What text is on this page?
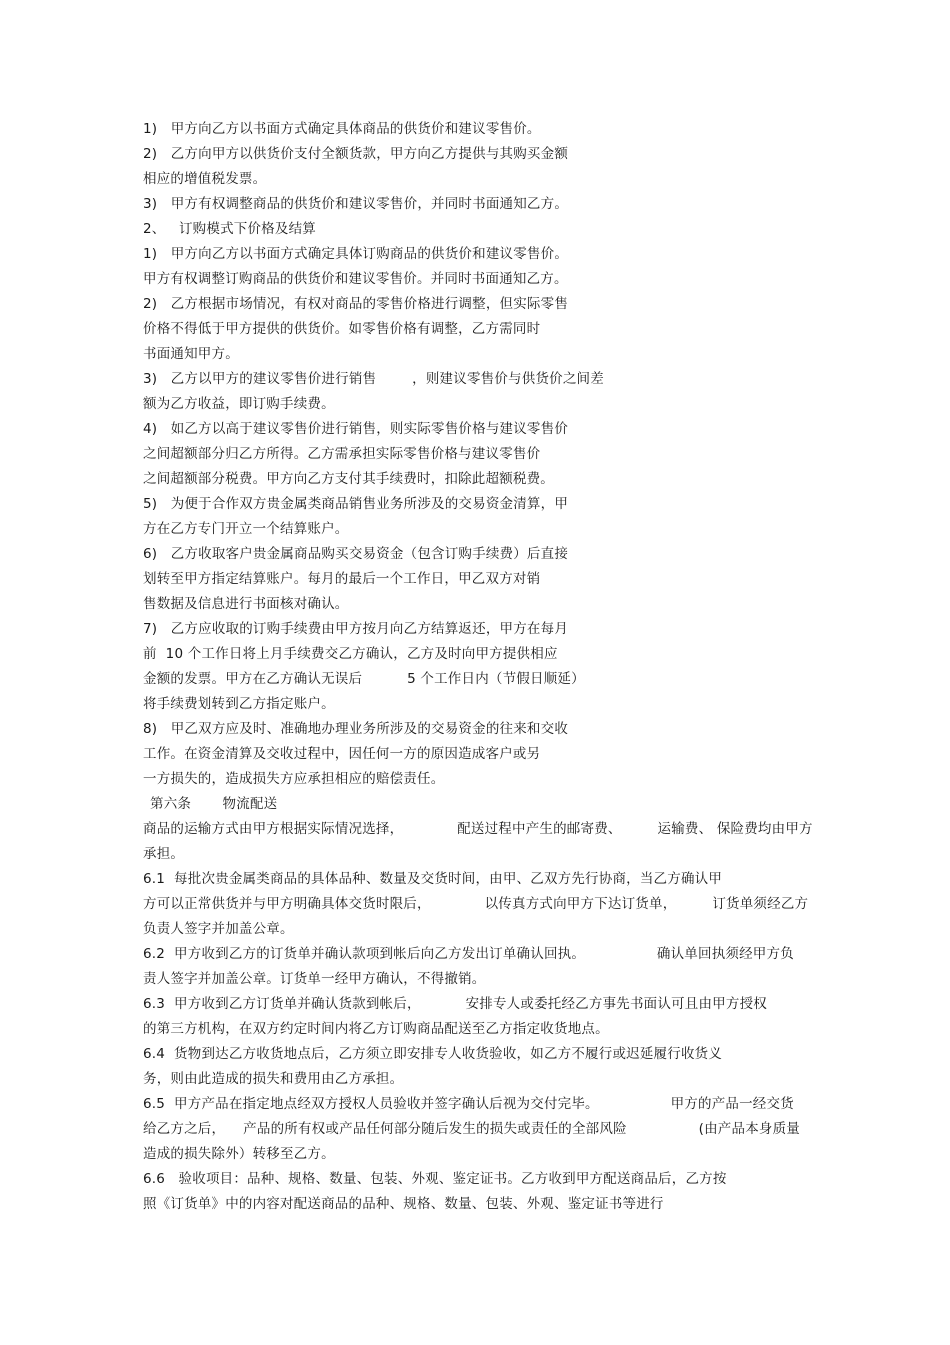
1)   甲方向乙方以书面方式确定具体商品的供货价和建议零售价。
2)   乙方向甲方以供货价支付全额货款，甲方向乙方提供与其购买金额
相应的增值税发票。
3)   甲方有权调整商品的供货价和建议零售价，并同时书面通知乙方。
2、   订购模式下价格及结算
1)   甲方向乙方以书面方式确定具体订购商品的供货价和建议零售价。
甲方有权调整订购商品的供货价和建议零售价。并同时书面通知乙方。
2)   乙方根据市场情况，有权对商品的零售价格进行调整，但实际零售
价格不得低于甲方提供的供货价。如零售价格有调整，乙方需同时
书面通知甲方。
3)   乙方以甲方的建议零售价进行销售        ，则建议零售价与供货价之间差
额为乙方收益，即订购手续费。
4)   如乙方以高于建议零售价进行销售，则实际零售价格与建议零售价
之间超额部分归乙方所得。乙方需承担实际零售价格与建议零售价
之间超额部分税费。甲方向乙方支付其手续费时，扣除此超额税费。
5)   为便于合作双方贵金属类商品销售业务所涉及的交易资金清算，甲
方在乙方专门开立一个结算账户。
6)   乙方收取客户贵金属商品购买交易资金（包含订购手续费）后直接
划转至甲方指定结算账户。每月的最后一个工作日，甲乙双方对销
售数据及信息进行书面核对确认。
7)   乙方应收取的订购手续费由甲方按月向乙方结算返还，甲方在每月
前  10 个工作日将上月手续费交乙方确认，乙方及时向甲方提供相应
金额的发票。甲方在乙方确认无误后          5 个工作日内（节假日顺延）
将手续费划转到乙方指定账户。
8)   甲乙双方应及时、准确地办理业务所涉及的交易资金的往来和交收
工作。在资金清算及交收过程中，因任何一方的原因造成客户或另
一方损失的，造成损失方应承担相应的赔偿责任。
第六条       物流配送
商品的运输方式由甲方根据实际情况选择，            配送过程中产生的邮寄费、        运输费、 保险费均由甲方
承担。
6.1  每批次贵金属类商品的具体品种、数量及交货时间，由甲、乙双方先行协商，当乙方确认甲
方可以正常供货并与甲方明确具体交货时限后，            以传真方式向甲方下达订货单，        订货单须经乙方
负责人签字并加盖公章。
6.2  甲方收到乙方的订货单并确认款项到帐后向乙方发出订单确认回执。                确认单回执须经甲方负
责人签字并加盖公章。订货单一经甲方确认，不得撤销。
6.3  甲方收到乙方订货单并确认货款到帐后，          安排专人或委托经乙方事先书面认可且由甲方授权
的第三方机构，在双方约定时间内将乙方订购商品配送至乙方指定收货地点。
6.4  货物到达乙方收货地点后，乙方须立即安排专人收货验收，如乙方不履行或迟延履行收货义
务，则由此造成的损失和费用由乙方承担。
6.5  甲方产品在指定地点经双方授权人员验收并签字确认后视为交付完毕。                甲方的产品一经交货
给乙方之后，    产品的所有权或产品任何部分随后发生的损失或责任的全部风险                (由产品本身质量
造成的损失除外）转移至乙方。
6.6   验收项目：品种、规格、数量、包装、外观、鉴定证书。乙方收到甲方配送商品后，乙方按
照《订货单》中的内容对配送商品的品种、规格、数量、包装、外观、鉴定证书等进行
